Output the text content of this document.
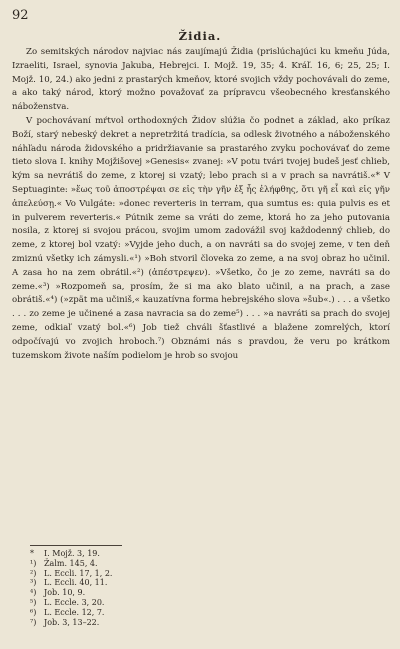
92
Židia.

Zo semitských národov najviac nás zaujímajú Židia (prislúchajúci ku kmeňu Júda, Izraeliti, Israel, synovia Jakuba, Hebrejci. I. Mojž. 19, 35; 4. Kráľ. 16, 6; 25, 25; I. Mojž. 10, 24.) ako jedni z prastarých kmeňov, ktoré svojich vždy pochovávali do zeme, a ako taký národ, ktorý možno považovať za prípravcu všeobecného kresťanského náboženstva.

V pochovávaní mŕtvol orthodoxných Židov slúžia čo podnet a základ, ako príkaz Boží, starý nebeský dekret a nepretržitá tradícia, sa odlesk životného a náboženského náhľadu národa židovského a pridržiavanie sa prastarého zvyku pochovávať do zeme tieto slova I. knihy Mojžišovej »Genesis« zvanej: »V potu tvári tvojej budeš jesť chlieb, kým sa nevrátiš do zeme, z ktorej si vzatý; lebo prach si a v prach sa navrátiš.«* V Septuaginte: »ἕως τοῦ ἀποστρέψαι σε εἰς τὴν γῆν ἐξ ἧς ἐλήφθης, ὅτι γῆ εἶ καὶ εἰς γῆν ἀπελεύσῃ.« Vo Vulgáte: »donec reverteris in terram, qua sumtus es: quia pulvis es et in pulverem reverteris.« Pútnik zeme sa vráti do zeme, ktorá ho za jeho putovania nosila, z ktorej si svojou prácou, svojim umom zadovážil svoj každodenný chlieb, do zeme, z ktorej bol vzatý: »Vyjde jeho duch, a on navráti sa do svojej zeme, v ten deň zmiznú všetky ich zámysli.«¹) »Boh stvoril človeka zo zeme, a na svoj obraz ho učinil. A zasa ho na zem obrátil.«²) (ἀπέστρεψεν). »Všetko, čo je zo zeme, navráti sa do zeme.«³) »Rozpomeň sa, prosím, že si ma ako blato učinil, a na prach, a zase obrátiš.«⁴) (»zpät ma učiniš,« kauzatívna forma hebrejského slova »šub«.) . . . a všetko . . . zo zeme je učinené a zasa navracia sa do zeme⁵) . . . »a navráti sa prach do svojej zeme, odkiaľ vzatý bol.«⁶) Job tiež chváli šťastlivé a blažene zomrelých, ktorí odpočívajú vo zvojich hroboch.⁷) Obznámi nás s pravdou, že veru po krátkom tuzemskom živote naším podielom je hrob so svojou

* I. Mojž. 3, 19.
¹) Žalm. 145, 4.
²) L. Eccli. 17, 1, 2.
³) L. Eccli. 40, 11.
⁴) Job. 10, 9.
⁵) L. Eccle. 3, 20.
⁶) L. Eccle. 12, 7.
⁷) Job. 3, 13–22.
